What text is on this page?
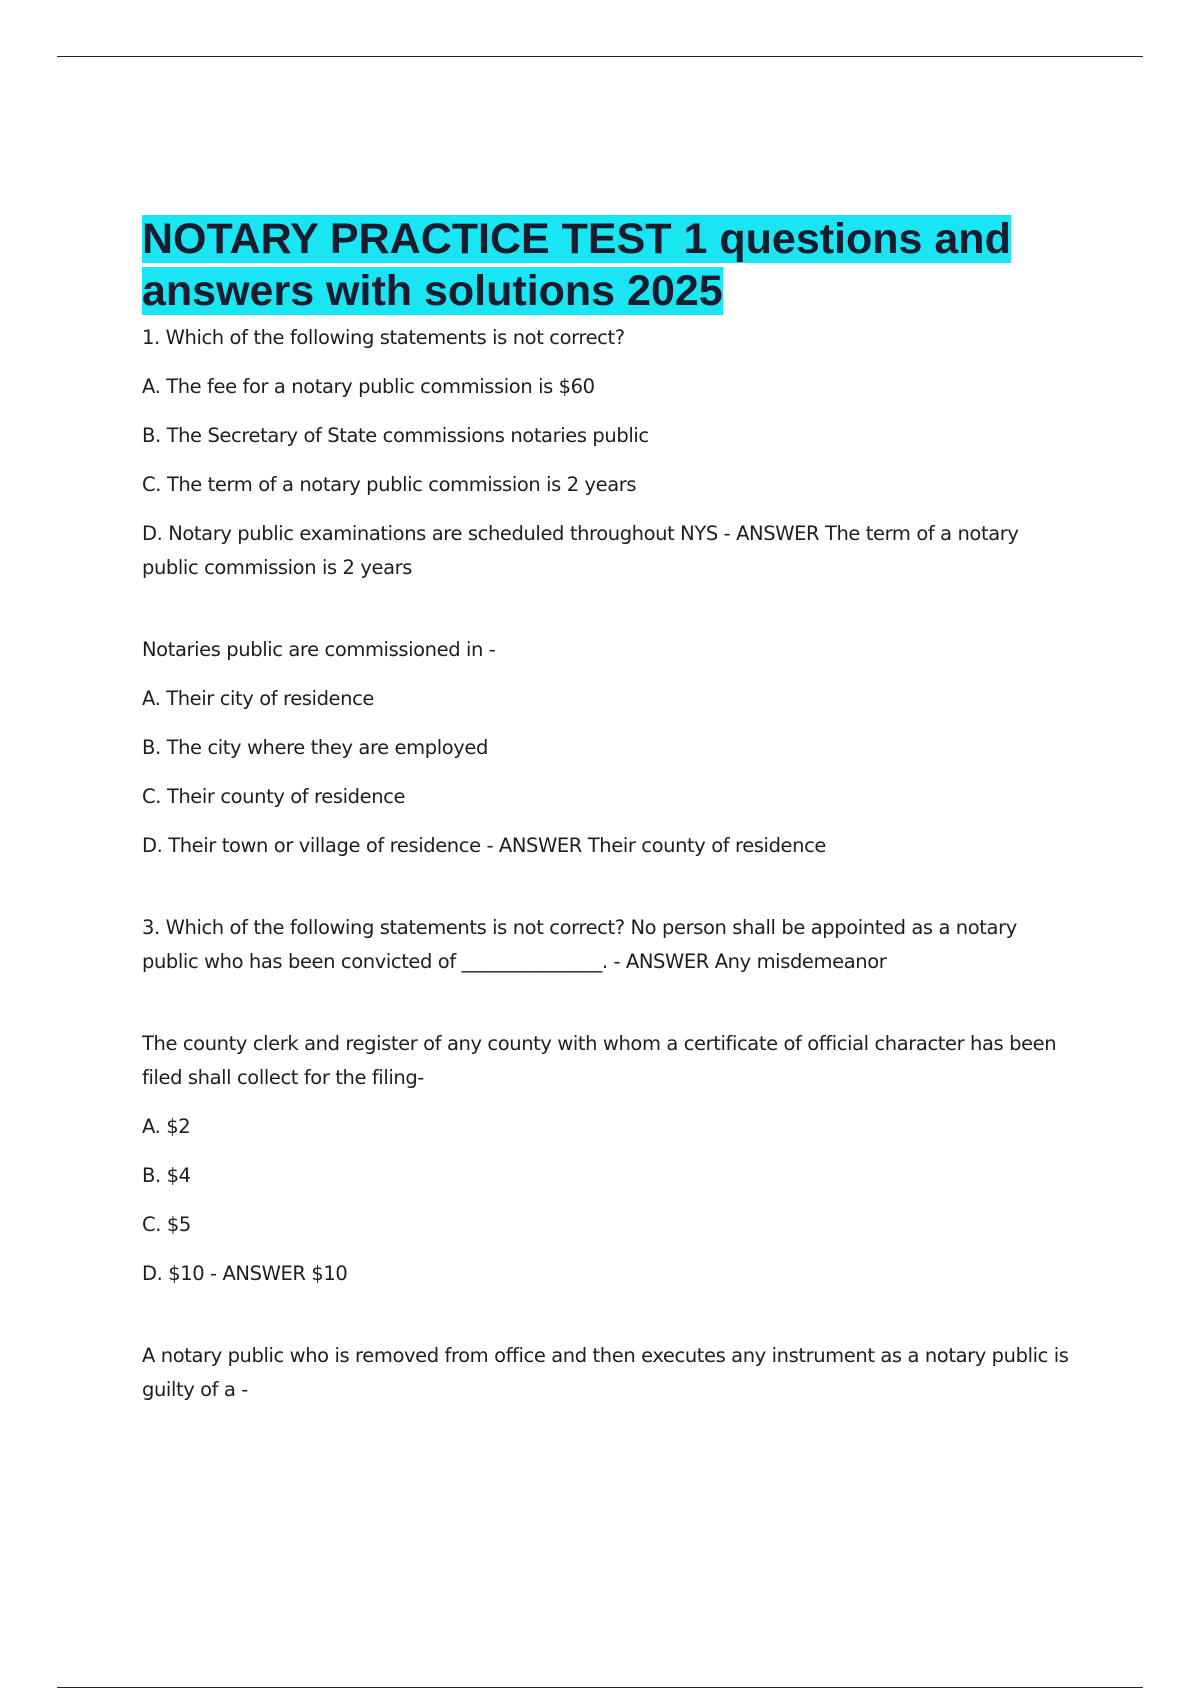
NOTARY PRACTICE TEST 1 questions and answers with solutions 2025

1. Which of the following statements is not correct?

A. The fee for a notary public commission is $60

B. The Secretary of State commissions notaries public

C. The term of a notary public commission is 2 years

D. Notary public examinations are scheduled throughout NYS - ANSWER The term of a notary public commission is 2 years

Notaries public are commissioned in -

A. Their city of residence

B. The city where they are employed

C. Their county of residence

D. Their town or village of residence - ANSWER Their county of residence

3. Which of the following statements is not correct? No person shall be appointed as a notary public who has been convicted of _______________. - ANSWER Any misdemeanor

The county clerk and register of any county with whom a certificate of official character has been filed shall collect for the filing-

A. $2

B. $4

C. $5

D. $10 - ANSWER $10

A notary public who is removed from office and then executes any instrument as a notary public is guilty of a -
